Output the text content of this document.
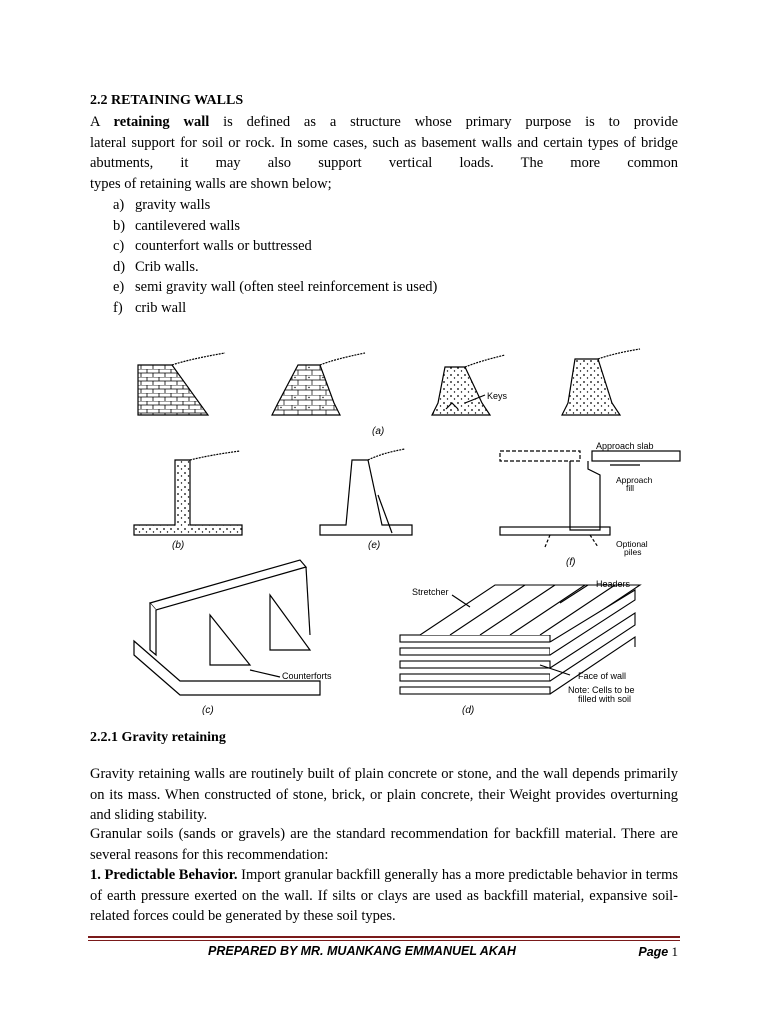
2.2 RETAINING WALLS
A retaining wall is defined as a structure whose primary purpose is to provide
lateral support for soil or rock. In some cases, such as basement walls and certain types of bridge
abutments, it may also support vertical loads. The more common
types of retaining walls are shown below;
a) gravity walls
b) cantilevered walls
c) counterfort walls or buttressed
d) Crib walls.
e) semi gravity wall (often steel reinforcement is used)
f) crib wall
Keys
(a)
(b)	(e)
Approach slab
Approach
fill
Optional
piles
(f)
Counterforts
(c)
Stretcher
Headers
Face of wall
Note: Cells to be
filled with soil
(d)
2.2.1 Gravity retaining
Gravity retaining walls are routinely built of plain concrete or stone, and the wall depends primarily on its mass. When constructed of stone, brick, or plain concrete, their Weight provides overturning and sliding stability.
Granular soils (sands or gravels) are the standard recommendation for backfill material. There are several reasons for this recommendation:
1. Predictable Behavior. Import granular backfill generally has a more predictable behavior in terms of earth pressure exerted on the wall. If silts or clays are used as backfill material, expansive soil-related forces could be generated by these soil types.
PREPARED BY MR. MUANKANG EMMANUEL AKAH	Page 1
